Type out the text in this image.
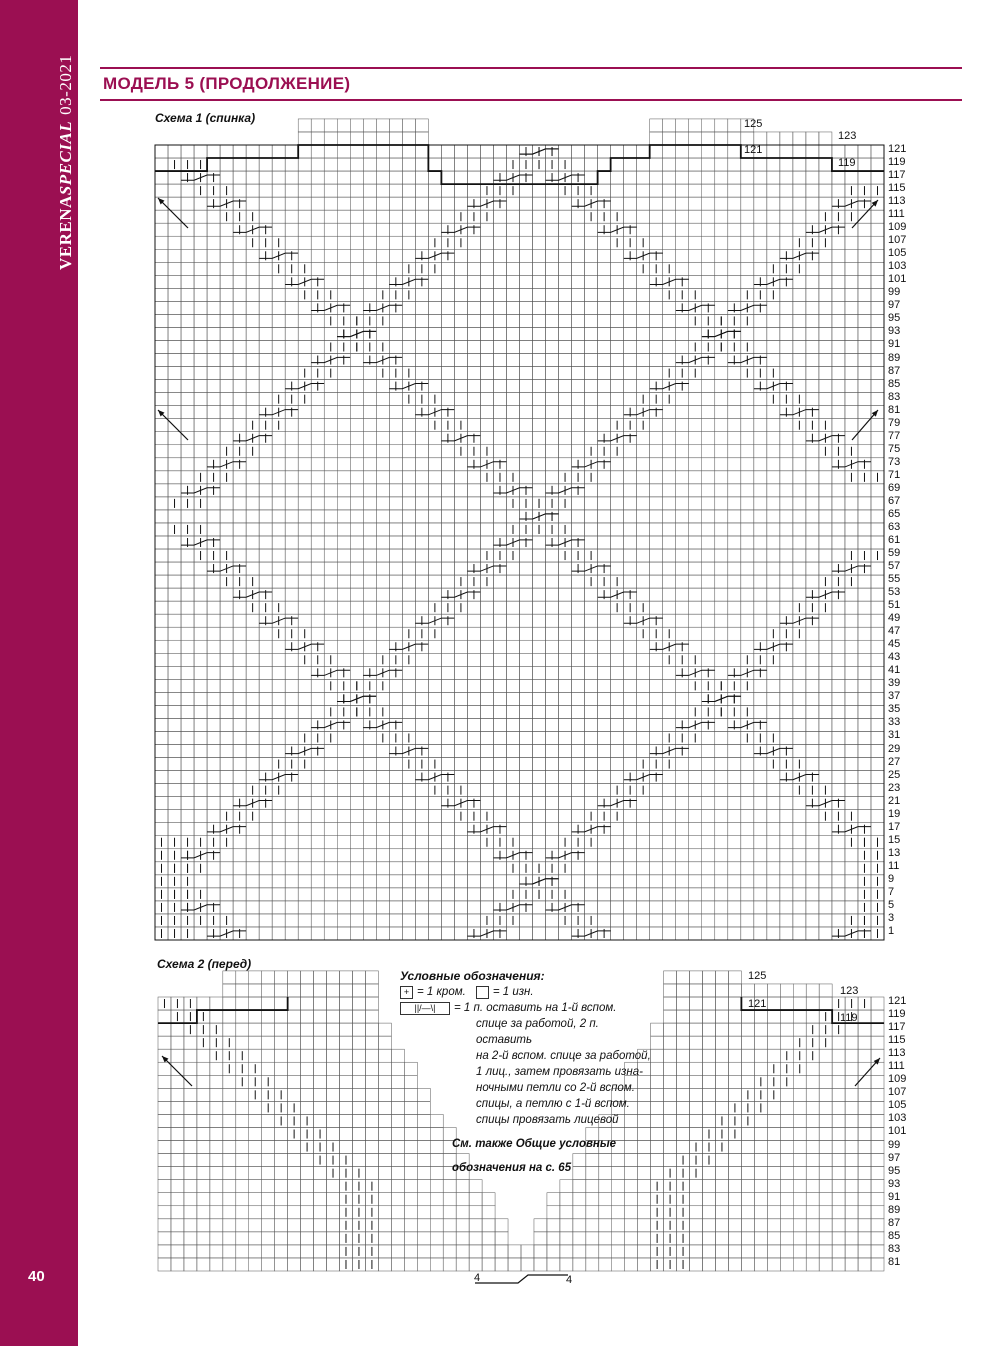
VERENASPECIAL03-2021
40
МОДЕЛЬ 5 (ПРОДОЛЖЕНИЕ)
Схема 1 (спинка)
Схема 2 (перед)
121
119
117
115
113
111
109
107
105
103
101
99
97
95
93
91
89
87
85
83
81
79
77
75
73
71
69
67
65
63
61
59
57
55
53
51
49
47
45
43
41
39
37
35
33
31
29
27
25
23
21
19
17
15
13
11
9
7
5
3
1
125
123
121
119
121
119
117
115
113
111
109
107
105
103
101
99
97
95
93
91
89
87
85
83
81
125
123
121
119
4	4
Условные обозначения:
+ = 1 кром. = 1 изн.
||/—\|	= 1 п. оставить на 1-й вспом.
спице за работой, 2 п. оставить
на 2-й вспом. спице за работой,
1 лиц., затем провязать изна-
ночными петли со 2-й вспом.
спицы, а петлю с 1-й вспом.
спицы провязать лицевой
См. также Общие условные
обозначения на с. 65
